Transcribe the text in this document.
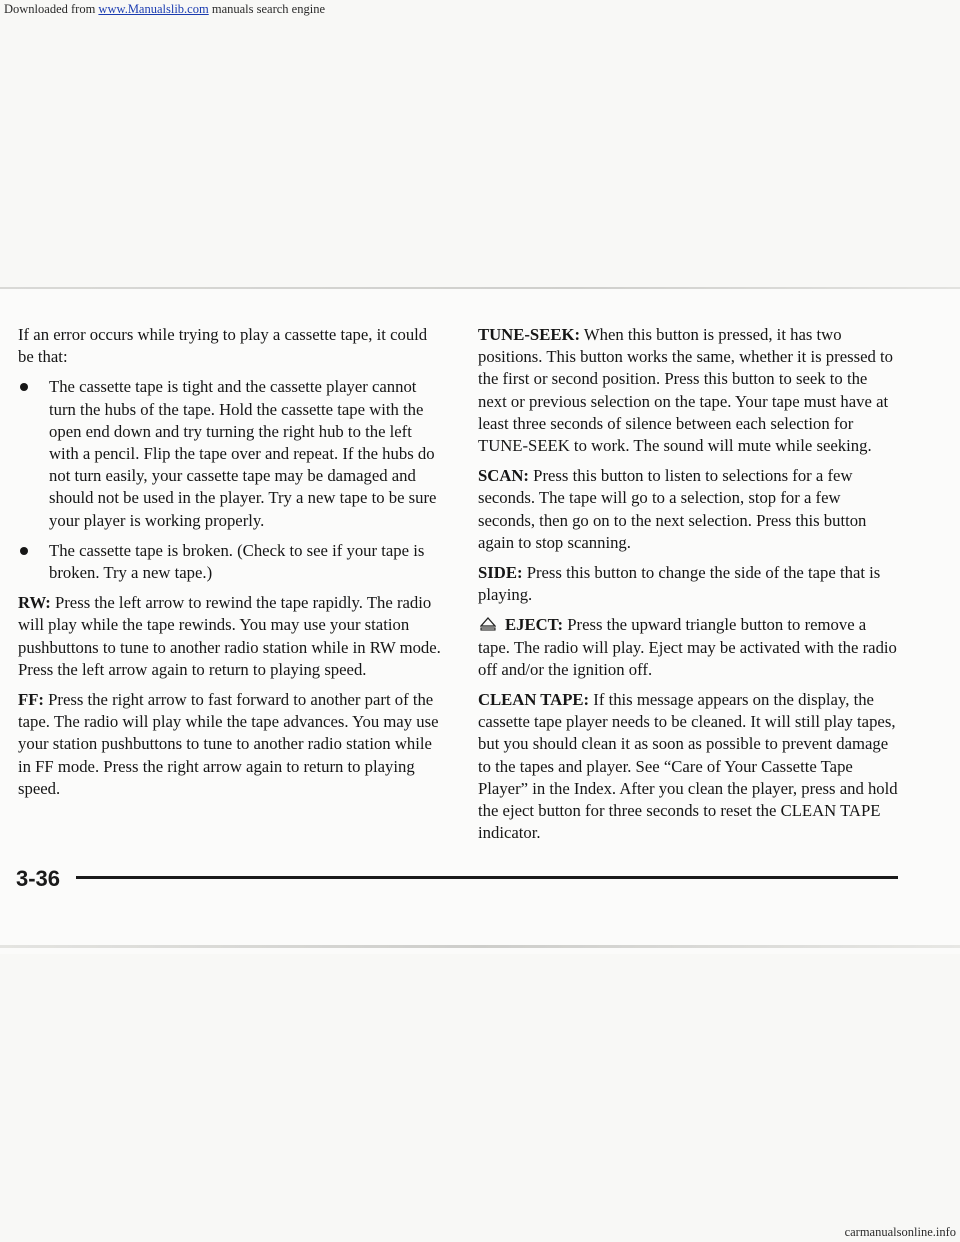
If an error occurs while trying to play a cassette tape, it could be that:

The cassette tape is tight and the cassette player cannot turn the hubs of the tape. Hold the cassette tape with the open end down and try turning the right hub to the left with a pencil. Flip the tape over and repeat. If the hubs do not turn easily, your cassette tape may be damaged and should not be used in the player. Try a new tape to be sure your player is working properly.
The cassette tape is broken. (Check to see if your tape is broken. Try a new tape.)

RW: Press the left arrow to rewind the tape rapidly. The radio will play while the tape rewinds. You may use your station pushbuttons to tune to another radio station while in RW mode. Press the left arrow again to return to playing speed.

FF: Press the right arrow to fast forward to another part of the tape. The radio will play while the tape advances. You may use your station pushbuttons to tune to another radio station while in FF mode. Press the right arrow again to return to playing speed.

TUNE-SEEK: When this button is pressed, it has two positions. This button works the same, whether it is pressed to the first or second position. Press this button to seek to the next or previous selection on the tape. Your tape must have at least three seconds of silence between each selection for TUNE-SEEK to work. The sound will mute while seeking.

SCAN: Press this button to listen to selections for a few seconds. The tape will go to a selection, stop for a few seconds, then go on to the next selection. Press this button again to stop scanning.

SIDE: Press this button to change the side of the tape that is playing.

EJECT: Press the upward triangle button to remove a tape. The radio will play. Eject may be activated with the radio off and/or the ignition off.

CLEAN TAPE: If this message appears on the display, the cassette tape player needs to be cleaned. It will still play tapes, but you should clean it as soon as possible to prevent damage to the tapes and player. See “Care of Your Cassette Tape Player” in the Index. After you clean the player, press and hold the eject button for three seconds to reset the CLEAN TAPE indicator.

3-36
Downloaded from www.Manualslib.com manuals search engine
carmanualsonline.info
